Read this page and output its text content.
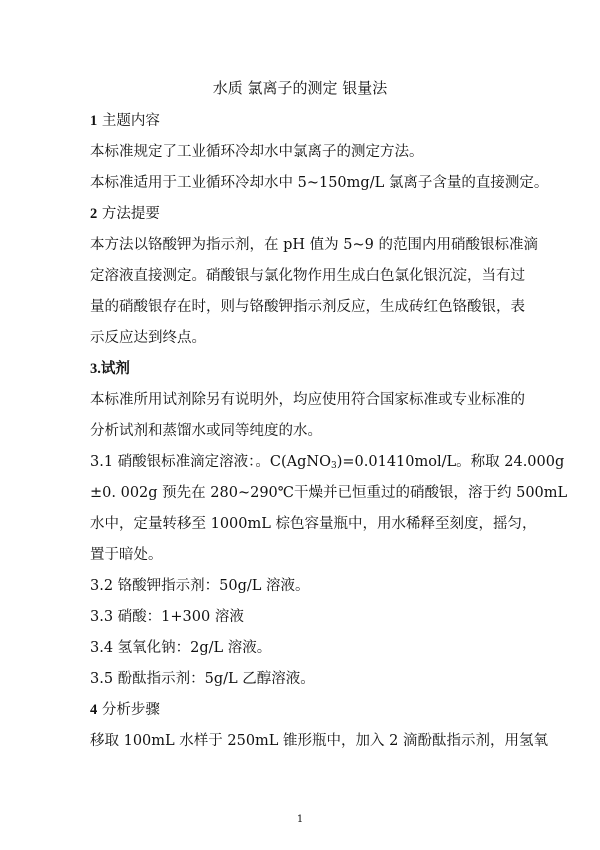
水质 氯离子的测定 银量法
1 主题内容
本标准规定了工业循环冷却水中氯离子的测定方法。
本标准适用于工业循环冷却水中 5~150mg/L 氯离子含量的直接测定。
2 方法提要
本方法以铬酸钾为指示剂，在 pH 值为 5~9 的范围内用硝酸银标准滴
定溶液直接测定。硝酸银与氯化物作用生成白色氯化银沉淀，当有过
量的硝酸银存在时，则与铬酸钾指示剂反应，生成砖红色铬酸银，表
示反应达到终点。
3.试剂
本标准所用试剂除另有说明外，均应使用符合国家标准或专业标准的
分析试剂和蒸馏水或同等纯度的水。
3.1 硝酸银标准滴定溶液：。C(AgNO$_3$)=0.01410mol/L。称取 24.000g
±0. 002g 预先在 280~290℃干燥并已恒重过的硝酸银，溶于约 500mL
水中，定量转移至 1000mL 棕色容量瓶中，用水稀释至刻度，摇匀，
置于暗处。
3.2 铬酸钾指示剂：50g/L 溶液。
3.3 硝酸：1+300 溶液
3.4 氢氧化钠：2g/L 溶液。
3.5 酚酞指示剂：5g/L 乙醇溶液。
4 分析步骤
移取 100mL 水样于 250mL 锥形瓶中，加入 2 滴酚酞指示剂，用氢氧
1
